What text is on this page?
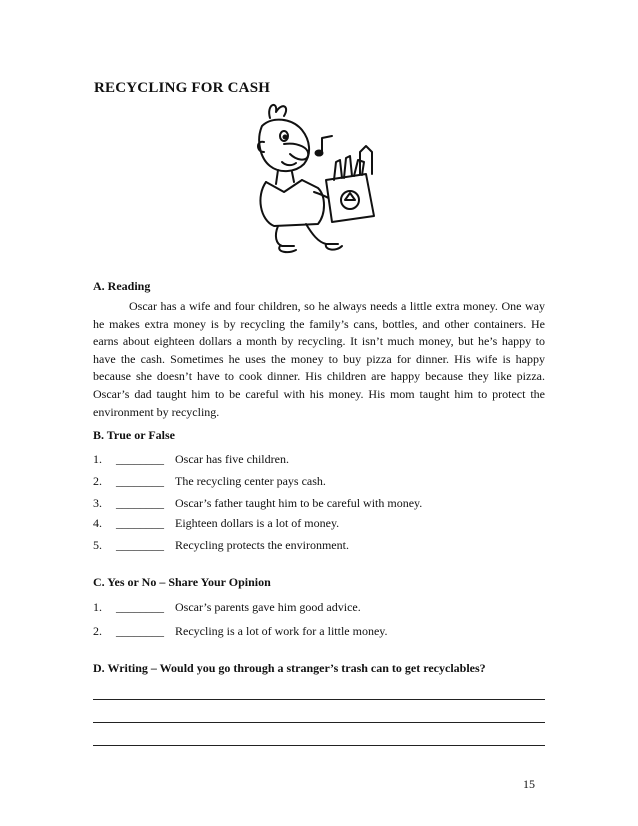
RECYCLING FOR CASH
A. Reading

Oscar has a wife and four children, so he always needs a little extra money. One way he makes extra money is by recycling the family’s cans, bottles, and other containers. He earns about eighteen dollars a month by recycling. It isn’t much money, but he’s happy to have the cash. Sometimes he uses the money to buy pizza for dinner. His wife is happy because she doesn’t have to cook dinner. His children are happy because they like pizza. Oscar’s dad taught him to be careful with his money. His mom taught him to protect the environment by recycling.

B. True or False
1. ________ Oscar has five children.
2. ________ The recycling center pays cash.
3. ________ Oscar’s father taught him to be careful with money.
4. ________ Eighteen dollars is a lot of money.
5. ________ Recycling protects the environment.
C. Yes or No – Share Your Opinion
1. ________ Oscar’s parents gave him good advice.
2. ________ Recycling is a lot of work for a little money.
D. Writing – Would you go through a stranger’s trash can to get recyclables?
15
